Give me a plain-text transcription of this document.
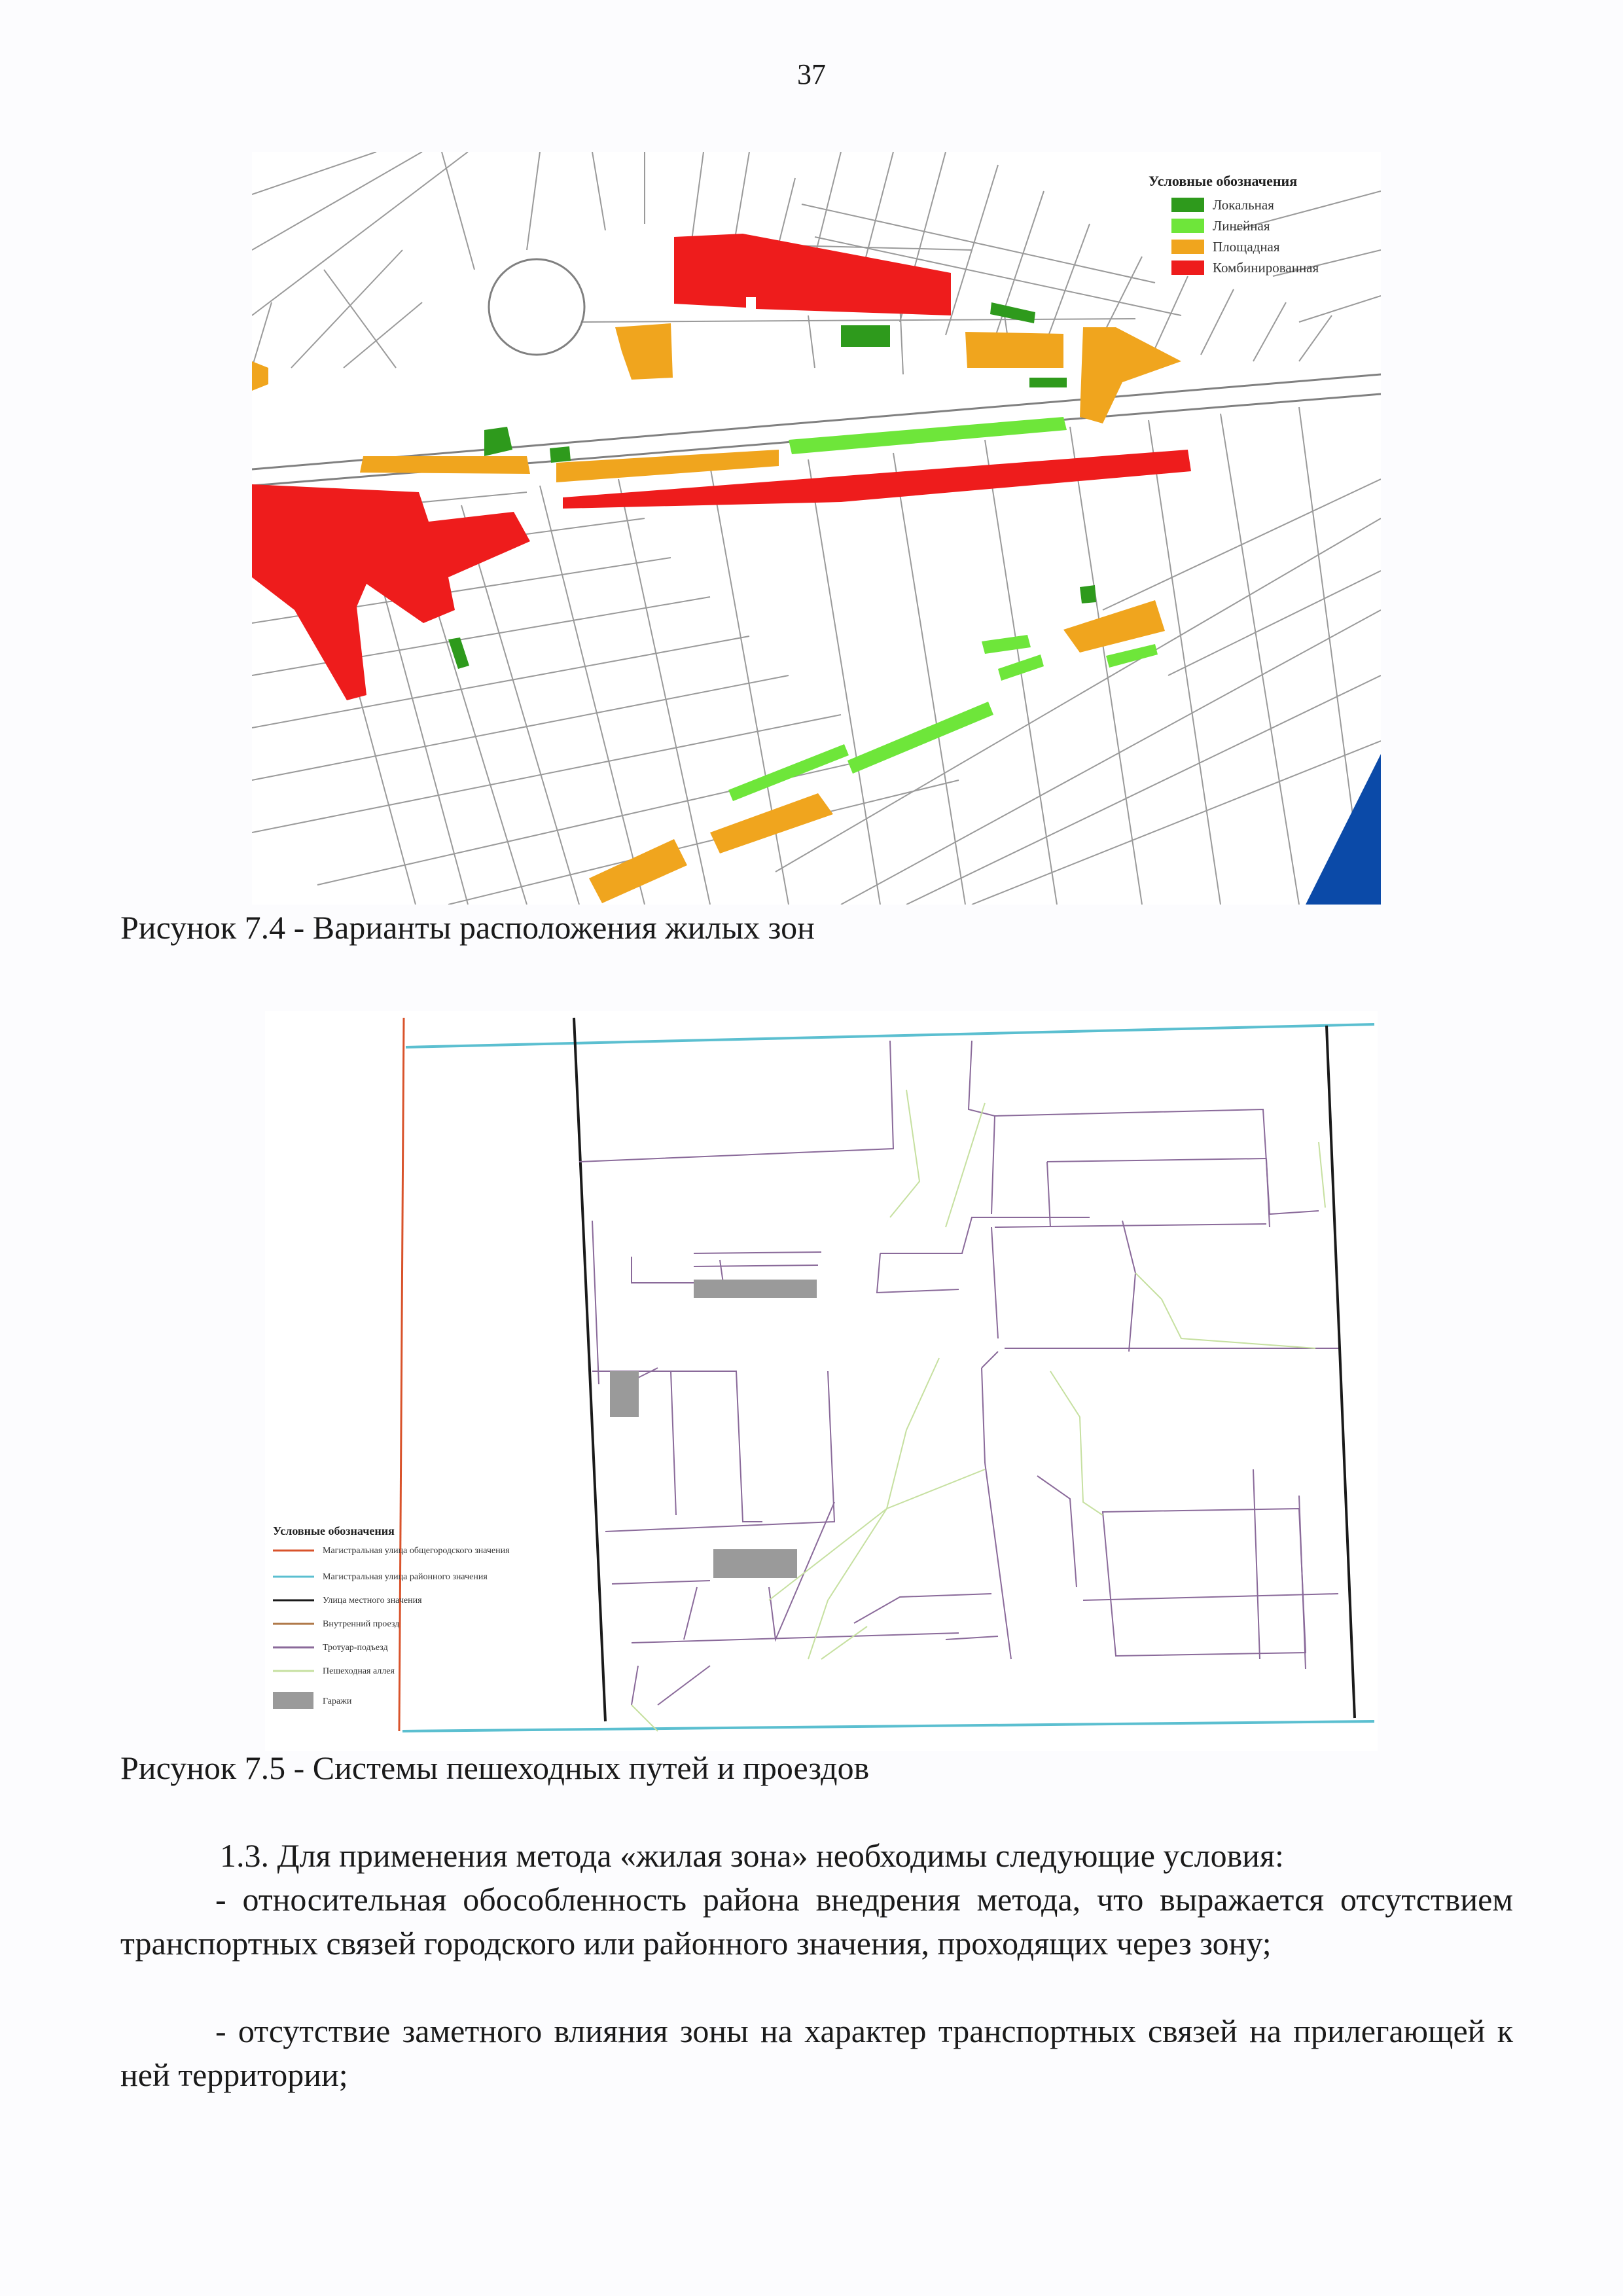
37
Условные обозначения
Локальная
Линейная
Площадная
Комбинированная
Рисунок 7.4 - Варианты расположения жилых зон
Условные обозначения
Магистральная улица общегородского значения
Магистральная улица районного значения
Улица местного значения
Внутренний проезд
Тротуар-подъезд
Пешеходная аллея
Гаражи
Рисунок 7.5 - Системы пешеходных путей и проездов
1.3. Для применения метода «жилая зона» необходимы следующие условия:
- относительная обособленность района внедрения метода, что выражается отсутствием транспортных связей городского или районного значения, проходящих через зону;
- отсутствие заметного влияния зоны на характер транспортных связей на прилегающей к ней территории;
